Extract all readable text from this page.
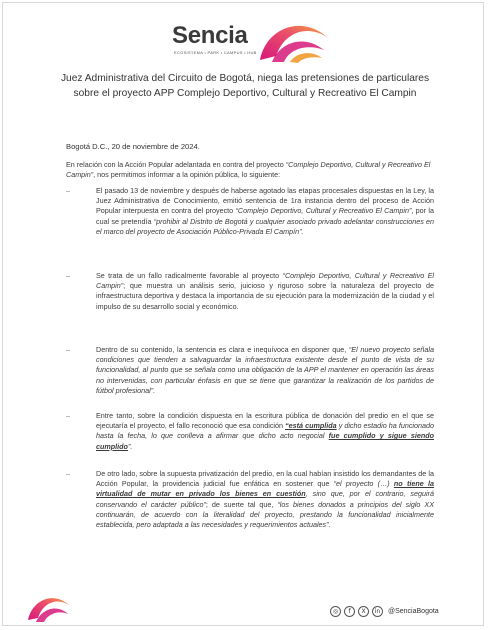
Sencia
ECOSISTEMA • PARK • CAMPUS • HUB
Juez Administrativa del Circuito de Bogotá, niega las pretensiones de particulares sobre el proyecto APP Complejo Deportivo, Cultural y Recreativo El Campin
Bogotá D.C., 20 de noviembre de 2024.
En relación con la Acción Popular adelantada en contra del proyecto “Complejo Deportivo, Cultural y Recreativo El Campin”, nos permitimos informar a la opinión pública, lo siguiente:
–	El pasado 13 de noviembre y después de haberse agotado las etapas procesales dispuestas en la Ley, la Juez Administrativa de Conocimiento, emitió sentencia de 1ra instancia dentro del proceso de Acción Popular interpuesta en contra del proyecto “Complejo Deportivo, Cultural y Recreativo El Campin”, por la cual se pretendía “prohibir al Distrito de Bogotá y cualquier asociado privado adelantar construcciones en el marco del proyecto de Asociación Público-Privada El Campín”.
–	Se trata de un fallo radicalmente favorable al proyecto “Complejo Deportivo, Cultural y Recreativo El Campin”; que muestra un análisis serio, juicioso y riguroso sobre la naturaleza del proyecto de infraestructura deportiva y destaca la importancia de su ejecución para la modernización de la ciudad y el impulso de su desarrollo social y económico.
–	Dentro de su contenido, la sentencia es clara e inequívoca en disponer que, “El nuevo proyecto señala condiciones que tienden a salvaguardar la infraestructura existente desde el punto de vista de su funcionalidad, al punto que se señala como una obligación de la APP el mantener en operación las áreas no intervenidas, con particular énfasis en que se tiene que garantizar la realización de los partidos de fútbol profesional”.
–	Entre tanto, sobre la condición dispuesta en la escritura pública de donación del predio en el que se ejecutaría el proyecto, el fallo reconoció que esa condición “está cumplida y dicho estadio ha funcionado hasta la fecha, lo que conlleva a afirmar que dicho acto negocial fue cumplido y sigue siendo cumplido”.
–	De otro lado, sobre la supuesta privatización del predio, en la cual habían insistido los demandantes de la Acción Popular, la providencia judicial fue enfática en sostener que “el proyecto (…) no tiene la virtualidad de mutar en privado los bienes en cuestión, sino que, por el contrario, seguirá conservando el carácter público”; de suerte tal que, “los bienes donados a principios del siglo XX continuarán, de acuerdo con la literalidad del proyecto, prestando la funcionalidad inicialmente establecida, pero adaptada a las necesidades y requerimientos actuales”.
◎	f	X	in	@SenciaBogota
